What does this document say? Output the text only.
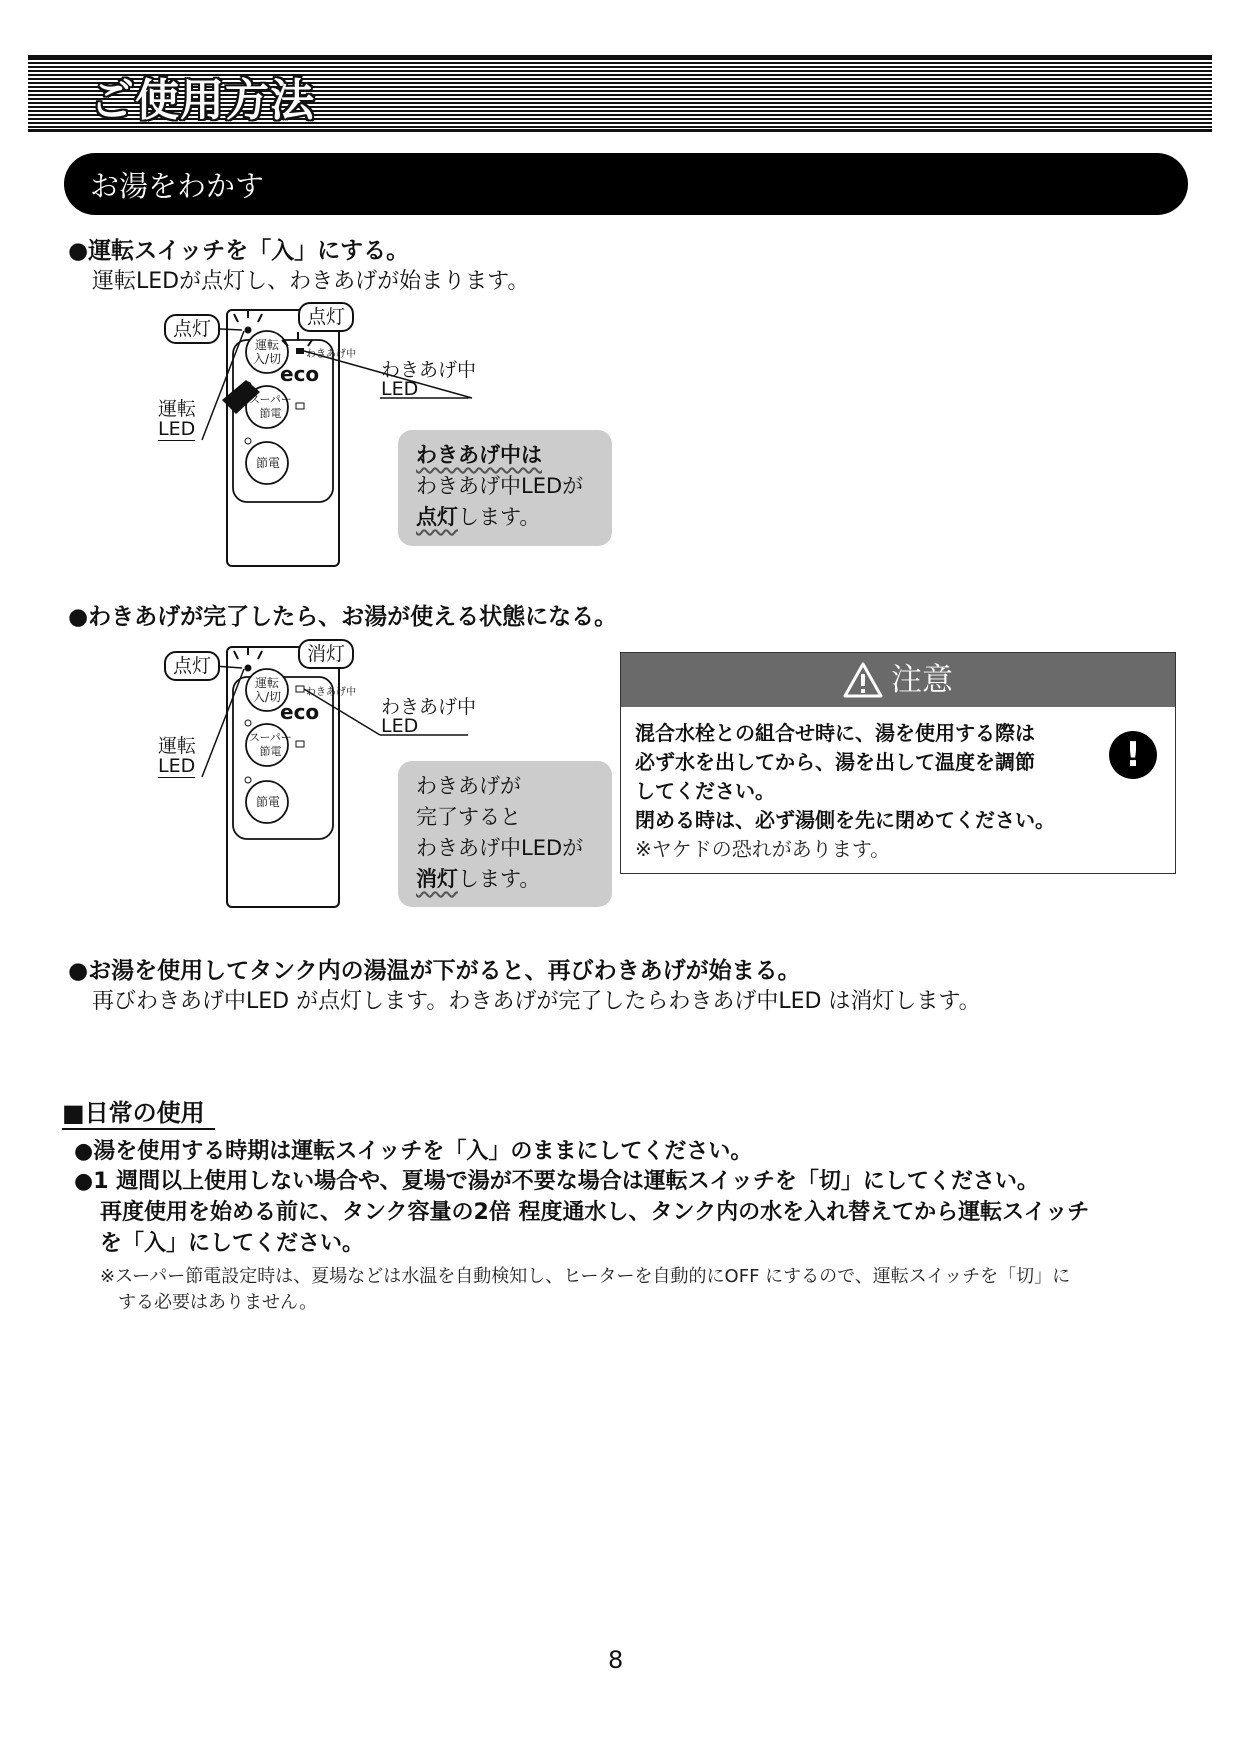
ご使用方法
お湯をわかす
●運転スイッチを「入」にする。
運転LEDが点灯し、わきあげが始まります。
点灯
点灯
運転
入/切
スーパー
節電
節電
eco
わきあげ中
わきあげ中
LED
運転
LED
わきあげ中は
わきあげ中LEDが
点灯します。
●わきあげが完了したら、お湯が使える状態になる。
点灯
消灯
運転
入/切
スーパー
節電
節電
eco
わきあげ中
わきあげ中
LED
運転
LED
わきあげが
完了すると
わきあげ中LEDが
消灯します。
注意
混合水栓との組合せ時に、湯を使用する際は
必ず水を出してから、湯を出して温度を調節
してください。
閉める時は、必ず湯側を先に閉めてください。
※ヤケドの恐れがあります。
!
●お湯を使用してタンク内の湯温が下がると、再びわきあげが始まる。
再びわきあげ中LED が点灯します。わきあげが完了したらわきあげ中LED は消灯します。
■日常の使用
●湯を使用する時期は運転スイッチを「入」のままにしてください。
●1 週間以上使用しない場合や、夏場で湯が不要な場合は運転スイッチを「切」にしてください。
再度使用を始める前に、タンク容量の2倍 程度通水し、タンク内の水を入れ替えてから運転スイッチ
を「入」にしてください。
※スーパー節電設定時は、夏場などは水温を自動検知し、ヒーターを自動的にOFF にするので、運転スイッチを「切」に
する必要はありません。
8
